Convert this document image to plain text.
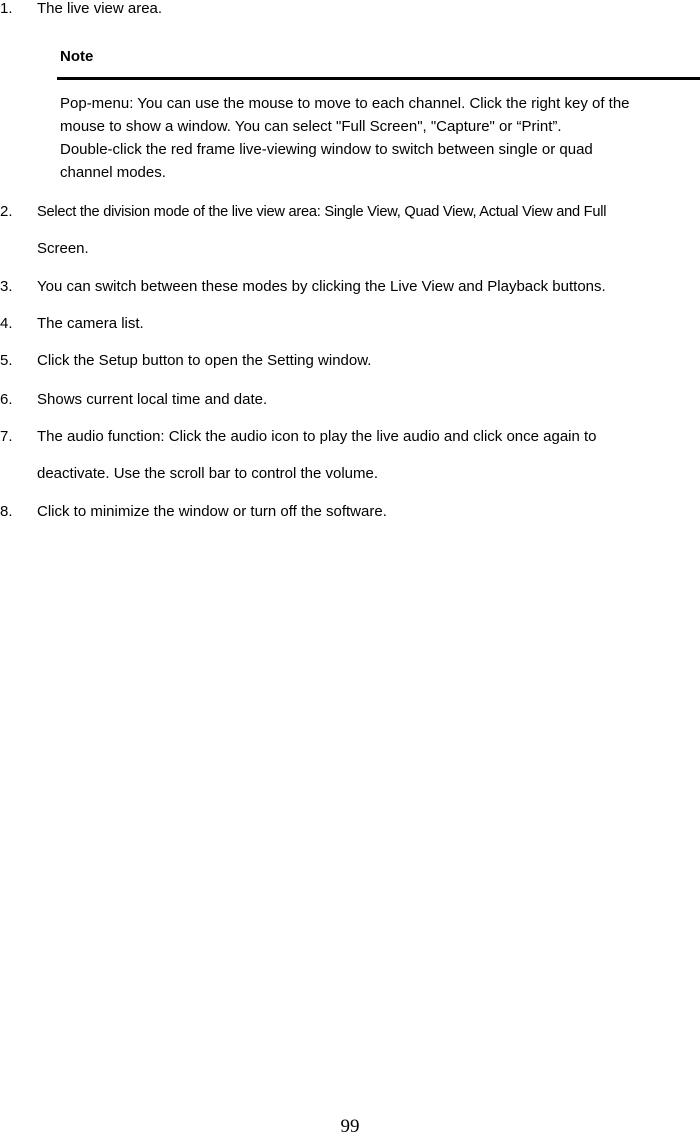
1.	The live view area.
Note
Pop-menu: You can use the mouse to move to each channel. Click the right key of the
mouse to show a window. You can select "Full Screen", "Capture" or “Print”.
Double-click the red frame live-viewing window to switch between single or quad
channel modes.
2.	Select the division mode of the live view area: Single View, Quad View, Actual View and Full
Screen.
3.	You can switch between these modes by clicking the Live View and Playback buttons.
4.	The camera list.
5.	Click the Setup button to open the Setting window.
6.	Shows current local time and date.
7.	The audio function: Click the audio icon to play the live audio and click once again to
deactivate. Use the scroll bar to control the volume.
8.	Click to minimize the window or turn off the software.
99
